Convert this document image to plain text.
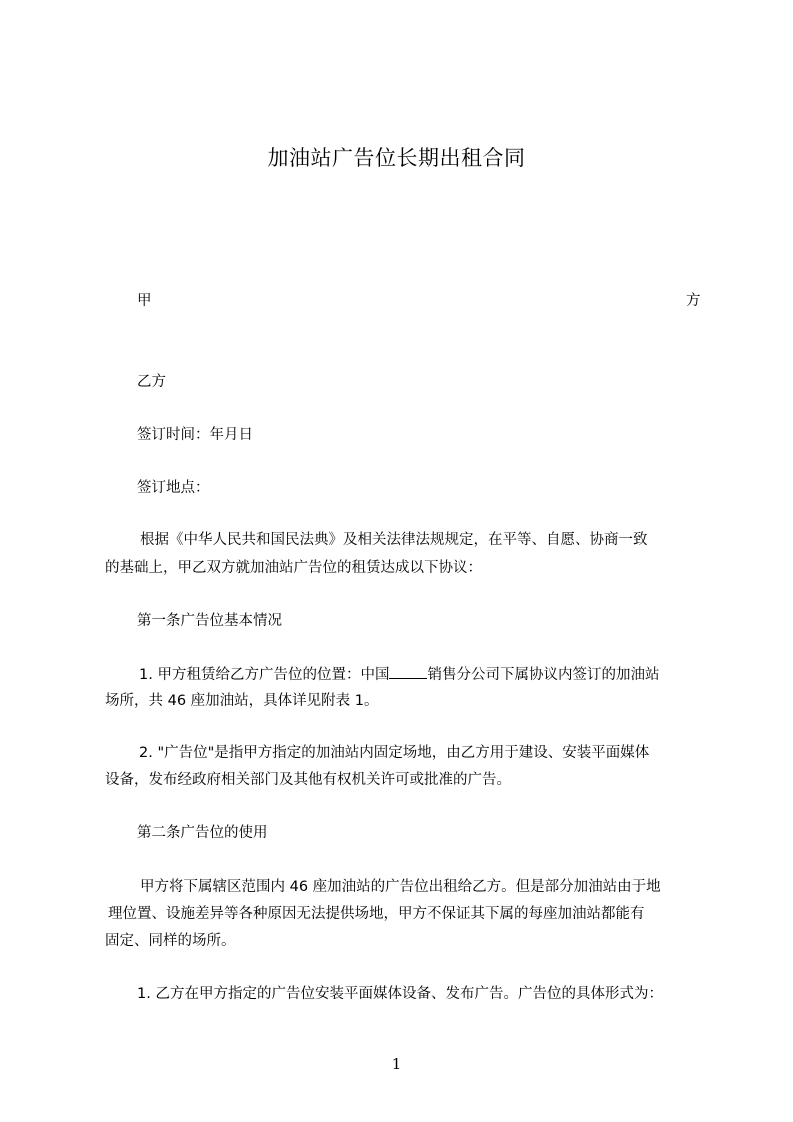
加油站广告位长期出租合同
甲	方
乙方
签订时间：年月日
签订地点：
根据《中华人民共和国民法典》及相关法律法规规定，在平等、自愿、协商一致
的基础上，甲乙双方就加油站广告位的租赁达成以下协议：
第一条广告位基本情况
1. 甲方租赁给乙方广告位的位置：中国	销售分公司下属协议内签订的加油站
场所，共 46 座加油站，具体详见附表 1。
2. "广告位"是指甲方指定的加油站内固定场地，由乙方用于建设、安装平面媒体
设备，发布经政府相关部门及其他有权机关许可或批准的广告。
第二条广告位的使用
甲方将下属辖区范围内 46 座加油站的广告位出租给乙方。但是部分加油站由于地
理位置、设施差异等各种原因无法提供场地，甲方不保证其下属的每座加油站都能有
固定、同样的场所。
1. 乙方在甲方指定的广告位安装平面媒体设备、发布广告。广告位的具体形式为：
1
